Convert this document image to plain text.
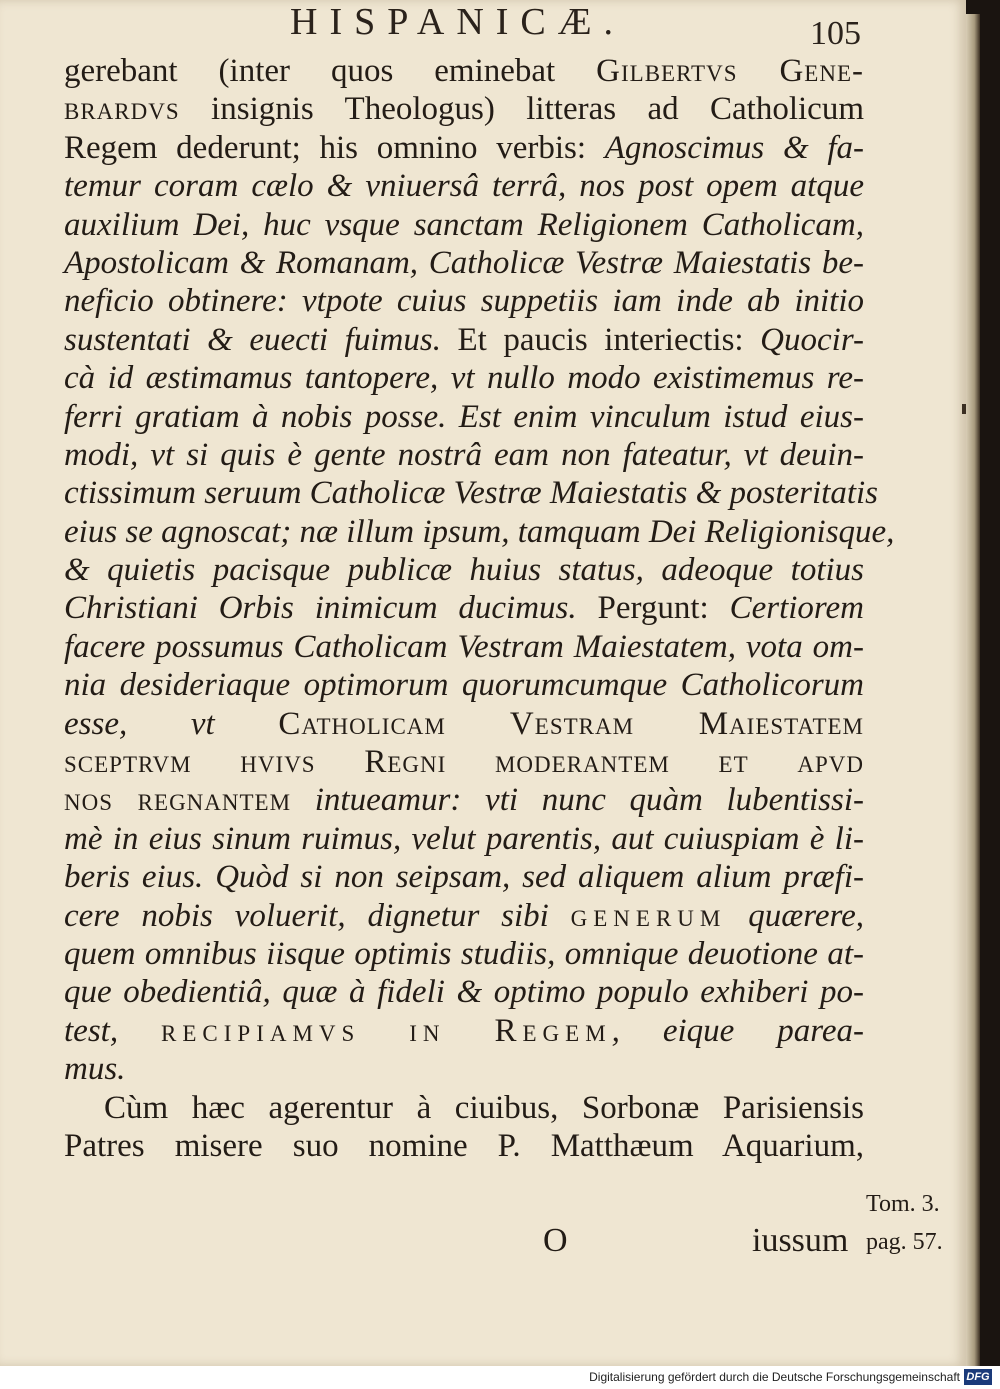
HISPANICÆ.	105
gerebant (inter quos eminebat Gilbertvs Gene-
brardvs insignis Theologus) litteras ad Catholicum
Regem dederunt; his omnino verbis: Agnoscimus & fa-
temur coram cælo & vniuersâ terrâ, nos post opem atque
auxilium Dei, huc vsque sanctam Religionem Catholicam,
Apostolicam & Romanam, Catholicæ Vestræ Maiestatis be-
neficio obtinere: vtpote cuius suppetiis iam inde ab initio
sustentati & euecti fuimus. Et paucis interiectis: Quocir-
cà id æstimamus tantopere, vt nullo modo existimemus re-
ferri gratiam à nobis posse. Est enim vinculum istud eius-
modi, vt si quis è gente nostrâ eam non fateatur, vt deuin-
ctissimum seruum Catholicæ Vestræ Maiestatis & posteritatis
eius se agnoscat; næ illum ipsum, tamquam Dei Religionisque,
& quietis pacisque publicæ huius status, adeoque totius
Christiani Orbis inimicum ducimus. Pergunt: Certiorem
facere possumus Catholicam Vestram Maiestatem, vota om-
nia desideriaque optimorum quorumcumque Catholicorum
esse, vt Catholicam Vestram Maiestatem
sceptrvm hvivs Regni moderantem et apvd
nos regnantem intueamur: vti nunc quàm lubentissi-
mè in eius sinum ruimus, velut parentis, aut cuiuspiam è li-
beris eius. Quòd si non seipsam, sed aliquem alium præfi-
cere nobis voluerit, dignetur sibi generum quærere,
quem omnibus iisque optimis studiis, omnique deuotione at-
que obedientiâ, quæ à fideli & optimo populo exhiberi po-
test, recipiamvs in Regem, eique parea-
mus.
Cùm hæc agerentur à ciuibus, Sorbonæ Parisiensis
Patres misere suo nomine P. Matthæum Aquarium,
Tom. 3.
pag. 57.
O	iussum
Digitalisierung gefördert durch die Deutsche Forschungsgemeinschaft DFG
